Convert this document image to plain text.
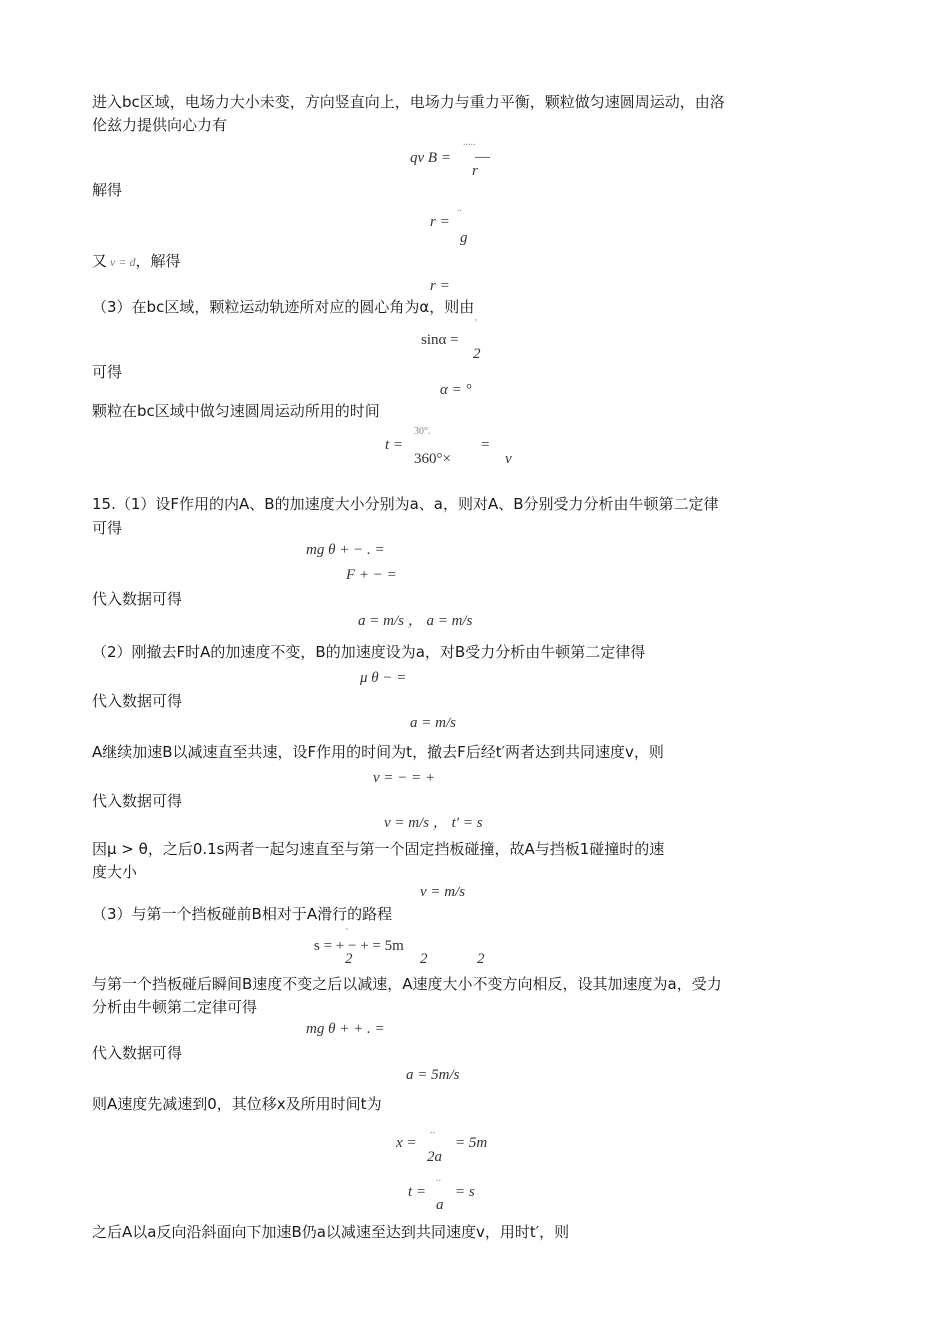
进入bc区域，电场力大小未变，方向竖直向上，电场力与重力平衡，颗粒做匀速圆周运动，由洛
伦兹力提供向心力有
解得
又 v = d，解得
（3）在bc区域，颗粒运动轨迹所对应的圆心角为α，则由
可得
颗粒在bc区域中做匀速圆周运动所用的时间
15.（1）设F作用的内A、B的加速度大小分别为a、a，则对A、B分别受力分析由牛顿第二定律
可得
代入数据可得
（2）刚撤去F时A的加速度不变，B的加速度设为a，对B受力分析由牛顿第二定律得
代入数据可得
A继续加速B以减速直至共速，设F作用的时间为t，撤去F后经t′两者达到共同速度v，则
代入数据可得
因μ > θ，之后0.1s两者一起匀速直至与第一个固定挡板碰撞，故A与挡板1碰撞时的速
度大小
（3）与第一个挡板碰前B相对于A滑行的路程
与第一个挡板碰后瞬间B速度不变之后以减速，A速度大小不变方向相反，设其加速度为a，受力
分析由牛顿第二定律可得
代入数据可得
则A速度先减速到0，其位移x及所用时间t为
之后A以a反向沿斜面向下加速B仍a以减速至达到共同速度v，用时t′，则
qv B =
.....
—
r
r =
..
g
r =
sinα =
'
2
α = °
t =
30°.
360°×
=
v
mg θ + − . =
F + − =
a = m/s ， a = m/s
μ θ − =
a = m/s
v = − = +
v = m/s ， t′ = s
v = m/s
s = + − + = 5m
'
2	2	2
mg θ + + . =
a = 5m/s
x =
..
2a
= 5m
t =
..
a
= s
